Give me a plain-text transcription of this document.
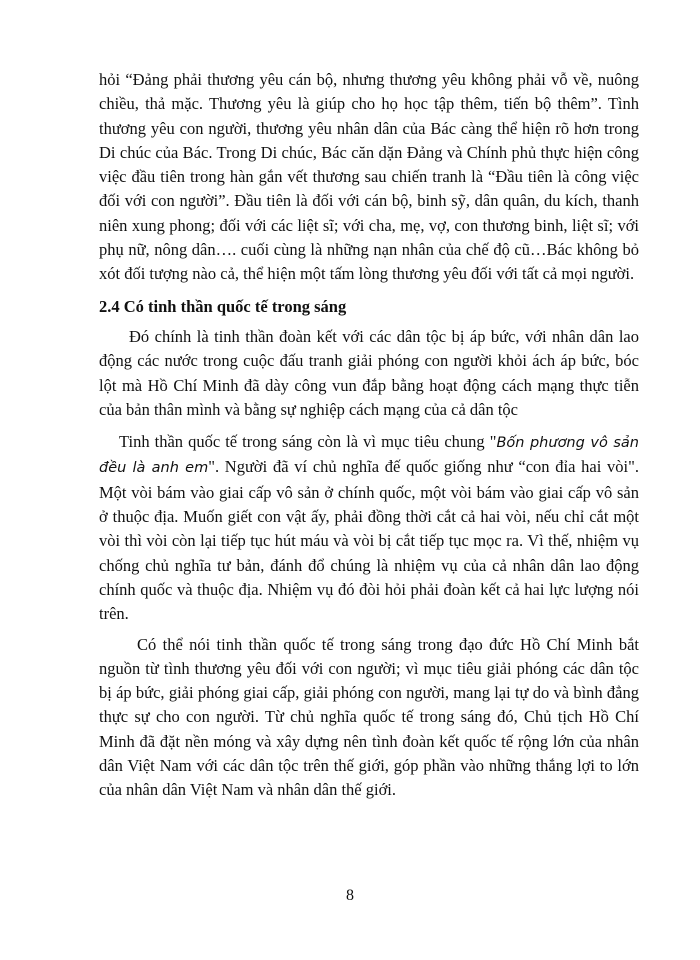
hỏi “Đảng phải thương yêu cán bộ, nhưng thương yêu không phải vỗ về, nuông chiều, thả mặc. Thương yêu là giúp cho họ học tập thêm, tiến bộ thêm”. Tình thương yêu con người, thương yêu nhân dân của Bác càng thể hiện rõ hơn trong Di chúc của Bác. Trong Di chúc, Bác căn dặn Đảng và Chính phủ thực hiện công việc đầu tiên trong hàn gắn vết thương sau chiến tranh là “Đầu tiên là công việc đối với con người”. Đầu tiên là đối với cán bộ, binh sỹ, dân quân, du kích, thanh niên xung phong; đối với các liệt sĩ; với cha, mẹ, vợ, con thương binh, liệt sĩ; với phụ nữ, nông dân…. cuối cùng là những nạn nhân của chế độ cũ…Bác không bỏ xót đối tượng nào cả, thể hiện một tấm lòng thương yêu đối với tất cả mọi người.

2.4 Có tinh thần quốc tế trong sáng

Đó chính là tinh thần đoàn kết với các dân tộc bị áp bức, với nhân dân lao động các nước trong cuộc đấu tranh giải phóng con người khỏi ách áp bức, bóc lột mà Hồ Chí Minh đã dày công vun đắp bằng hoạt động cách mạng thực tiễn của bản thân mình và bằng sự nghiệp cách mạng của cả dân tộc

Tinh thần quốc tế trong sáng còn là vì mục tiêu chung "Bốn phương vô sản đều là anh em". Người đã ví chủ nghĩa đế quốc giống như “con đỉa hai vòi". Một vòi bám vào giai cấp vô sản ở chính quốc, một vòi bám vào giai cấp vô sản ở thuộc địa. Muốn giết con vật ấy, phải đồng thời cắt cả hai vòi, nếu chỉ cắt một vòi thì vòi còn lại tiếp tục hút máu và vòi bị cắt tiếp tục mọc ra. Vì thế, nhiệm vụ chống chủ nghĩa tư bản, đánh đổ chúng là nhiệm vụ của cả nhân dân lao động chính quốc và thuộc địa. Nhiệm vụ đó đòi hỏi phải đoàn kết cả hai lực lượng nói trên.

Có thể nói tinh thần quốc tế trong sáng trong đạo đức Hồ Chí Minh bắt nguồn từ tình thương yêu đối với con người; vì mục tiêu giải phóng các dân tộc bị áp bức, giải phóng giai cấp, giải phóng con người, mang lại tự do và bình đẳng thực sự cho con người. Từ chủ nghĩa quốc tế trong sáng đó, Chủ tịch Hồ Chí Minh đã đặt nền móng và xây dựng nên tình đoàn kết quốc tế rộng lớn của nhân dân Việt Nam với các dân tộc trên thế giới, góp phần vào những thắng lợi to lớn của nhân dân Việt Nam và nhân dân thế giới.

8
